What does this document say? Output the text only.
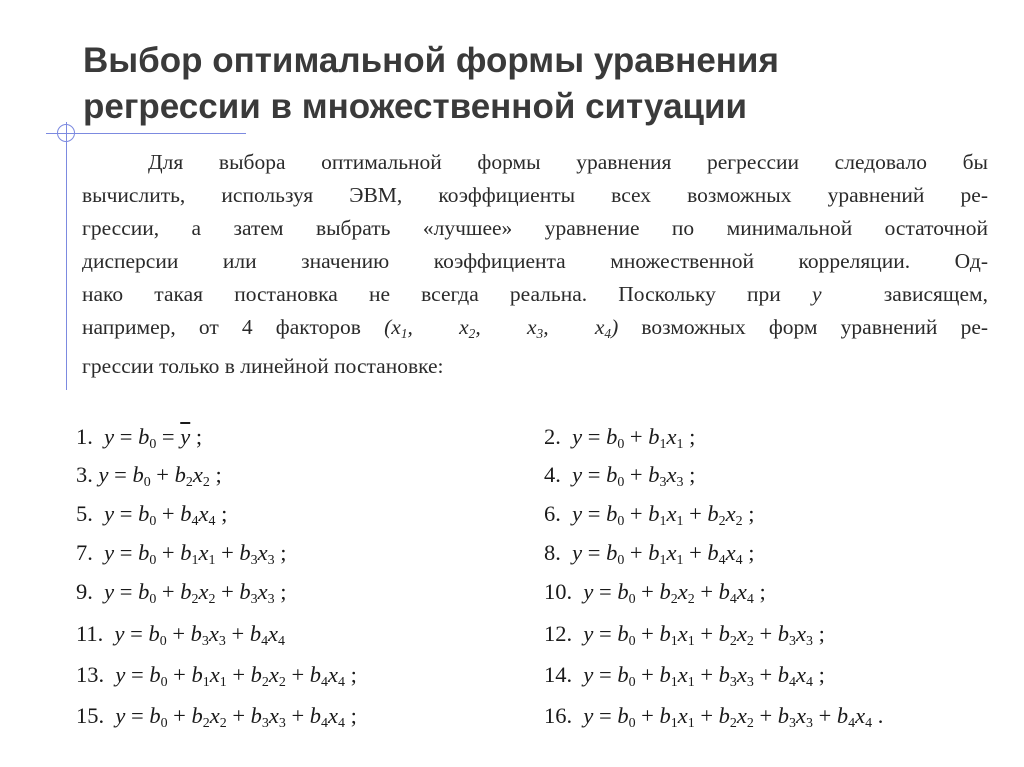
Выбор оптимальной формы уравнения
регрессии в множественной ситуации
Для выбора оптимальной формы уравнения регрессии следовало бы
вычислить, используя ЭВМ, коэффициенты всех возможных уравнений ре-
грессии, а затем выбрать «лучшее» уравнение по минимальной остаточной
дисперсии или значению коэффициента множественной корреляции. Од-
нако такая постановка не всегда реальна. Поскольку при y	зависящем,
например, от 4 факторов ($x_1$,  $x_2$,  $x_3$,  $x_4$) возможных форм уравнений ре-
грессии только в линейной постановке:
1. $y = b_0 = \overline{y}$ ;	2. $y = b_0 + b_1x_1$ ;
3. $y = b_0 + b_2x_2$ ;	4. $y = b_0 + b_3x_3$ ;
5. $y = b_0 + b_4x_4$ ;	6. $y = b_0 + b_1x_1 + b_2x_2$ ;
7. $y = b_0 + b_1x_1 + b_3x_3$ ;	8. $y = b_0 + b_1x_1 + b_4x_4$ ;
9. $y = b_0 + b_2x_2 + b_3x_3$ ;	10. $y = b_0 + b_2x_2 + b_4x_4$ ;
11. $y = b_0 + b_3x_3 + b_4x_4$	12. $y = b_0 + b_1x_1 + b_2x_2 + b_3x_3$ ;
13. $y = b_0 + b_1x_1 + b_2x_2 + b_4x_4$ ;	14. $y = b_0 + b_1x_1 + b_3x_3 + b_4x_4$ ;
15. $y = b_0 + b_2x_2 + b_3x_3 + b_4x_4$ ;	16. $y = b_0 + b_1x_1 + b_2x_2 + b_3x_3 + b_4x_4$ .
